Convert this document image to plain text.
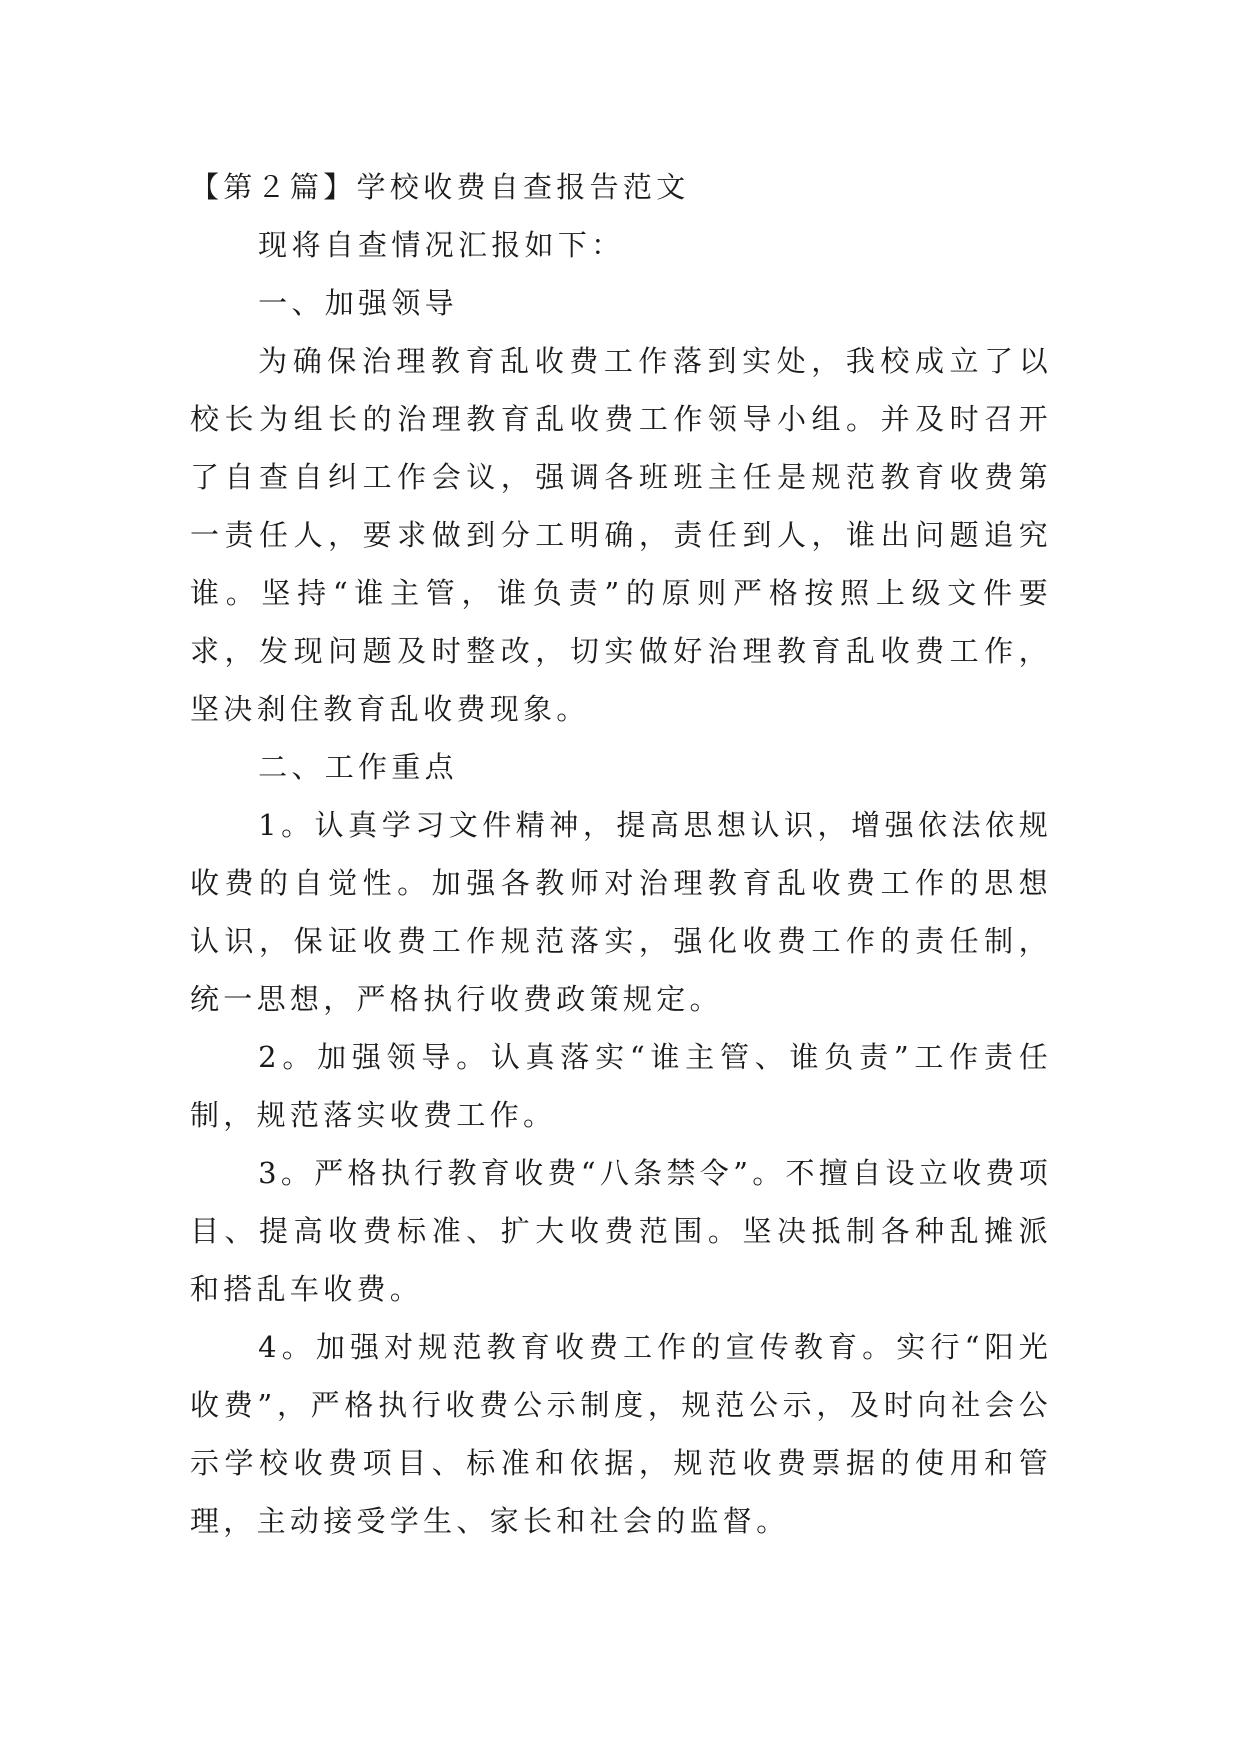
【第２篇】学校收费自查报告范文

现将自查情况汇报如下：

一、加强领导

为确保治理教育乱收费工作落到实处，我校成立了以校长为组长的治理教育乱收费工作领导小组。并及时召开了自查自纠工作会议，强调各班班主任是规范教育收费第一责任人，要求做到分工明确，责任到人，谁出问题追究谁。坚持“谁主管，谁负责”的原则严格按照上级文件要求，发现问题及时整改，切实做好治理教育乱收费工作，坚决刹住教育乱收费现象。

二、工作重点

1。认真学习文件精神，提高思想认识，增强依法依规收费的自觉性。加强各教师对治理教育乱收费工作的思想认识，保证收费工作规范落实，强化收费工作的责任制，统一思想，严格执行收费政策规定。

2。加强领导。认真落实“谁主管、谁负责”工作责任制，规范落实收费工作。

3。严格执行教育收费“八条禁令”。不擅自设立收费项目、提高收费标准、扩大收费范围。坚决抵制各种乱摊派和搭乱车收费。

4。加强对规范教育收费工作的宣传教育。实行“阳光收费”，严格执行收费公示制度，规范公示，及时向社会公示学校收费项目、标准和依据，规范收费票据的使用和管理，主动接受学生、家长和社会的监督。
